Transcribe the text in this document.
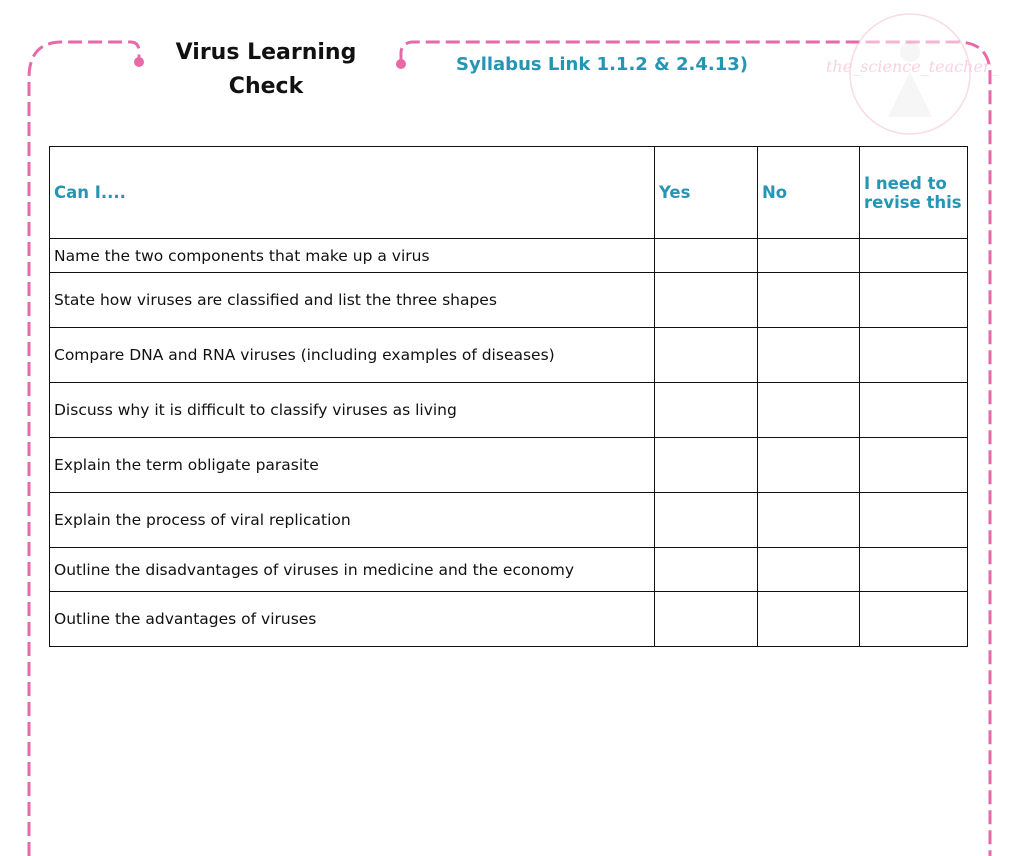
the_science_teacher_
Virus Learning Check
Syllabus Link 1.1.2 & 2.4.13)
Can I....	Yes	No	I need to revise this
Name the two components that make up a virus			
State how viruses are classified and list the three shapes			
Compare DNA and RNA viruses (including examples of diseases)			
Discuss why it is difficult to classify viruses as living			
Explain the term obligate parasite			
Explain the process of viral replication			
Outline the disadvantages of viruses in medicine and the economy			
Outline the advantages of viruses			
